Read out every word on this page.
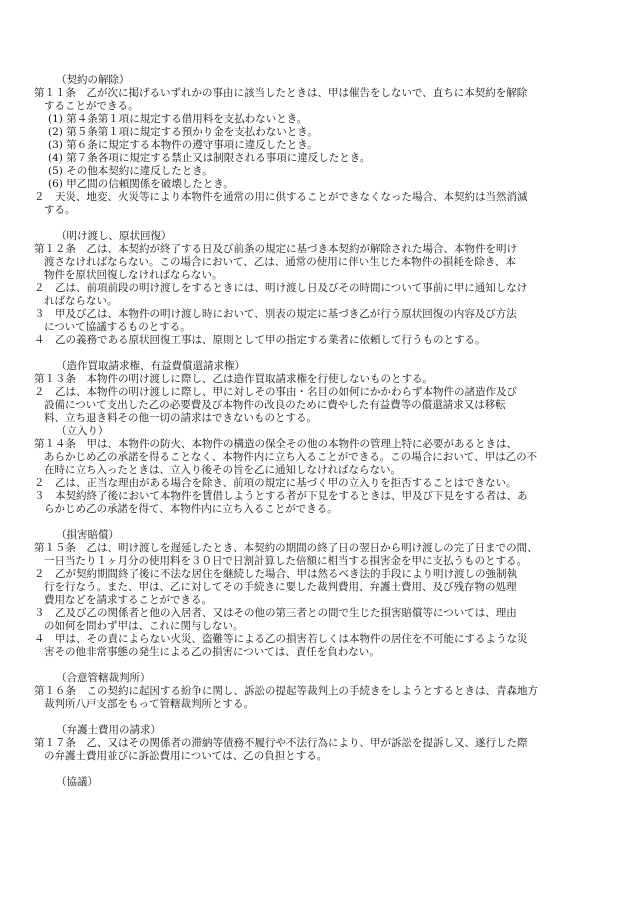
（契約の解除）
第１１条　乙が次に掲げるいずれかの事由に該当したときは、甲は催告をしないで、直ちに本契約を解除
することができる。
(1) 第４条第１項に規定する借用料を支払わないとき。
(2) 第５条第１項に規定する預かり金を支払わないとき。
(3) 第６条に規定する本物件の遵守事項に違反したとき。
(4) 第７条各項に規定する禁止又は制限される事項に違反したとき。
(5) その他本契約に違反したとき。
(6) 甲乙間の信頼関係を破壊したとき。
２　天災、地変、火災等により本物件を通常の用に供することができなくなった場合、本契約は当然消滅
する。
（明け渡し、原状回復）
第１２条　乙は、本契約が終了する日及び前条の規定に基づき本契約が解除された場合、本物件を明け
渡さなければならない。この場合において、乙は、通常の使用に伴い生じた本物件の損耗を除き、本
物件を原状回復しなければならない。
２　乙は、前項前段の明け渡しをするときには、明け渡し日及びその時間について事前に甲に通知しなけ
ればならない。
３　甲及び乙は、本物件の明け渡し時において、別表の規定に基づき乙が行う原状回復の内容及び方法
について協議するものとする。
４　乙の義務である原状回復工事は、原則として甲の指定する業者に依頼して行うものとする。
（造作買取請求権、有益費償還請求権）
第１３条　本物件の明け渡しに際し、乙は造作買取請求権を行使しないものとする。
２　乙は、本物件の明け渡しに際し、甲に対しその事由・名目の如何にかかわらず本物件の諸造作及び
設備について支出した乙の必要費及び本物件の改良のために費やした有益費等の償還請求又は移転
料、立ち退き料その他一切の請求はできないものとする。
（立入り）
第１４条　甲は、本物件の防火、本物件の構造の保全その他の本物件の管理上特に必要があるときは、
あらかじめ乙の承諾を得ることなく、本物件内に立ち入ることができる。この場合において、甲は乙の不
在時に立ち入ったときは、立入り後その旨を乙に通知しなければならない。
２　乙は、正当な理由がある場合を除き、前項の規定に基づく甲の立入りを拒否することはできない。
３　本契約終了後において本物件を賃借しようとする者が下見をするときは、甲及び下見をする者は、あ
らかじめ乙の承諾を得て、本物件内に立ち入ることができる。
（損害賠償）
第１５条　乙は、明け渡しを遅延したとき、本契約の期間の終了日の翌日から明け渡しの完了日までの間、
一日当たり１ヶ月分の使用料を３０日で日割計算した倍額に相当する損害金を甲に支払うものとする。
２　乙が契約期間終了後に不法な居住を継続した場合、甲は然るべき法的手段により明け渡しの強制執
行を行なう。また、甲は、乙に対してその手続きに要した裁判費用、弁護士費用、及び残存物の処理
費用などを請求することができる。
３　乙及び乙の関係者と他の入居者、又はその他の第三者との間で生じた損害賠償等については、理由
の如何を問わず甲は、これに関与しない。
４　甲は、その責によらない火災、盗難等による乙の損害若しくは本物件の居住を不可能にするような災
害その他非常事態の発生による乙の損害については、責任を負わない。
（合意管轄裁判所）
第１６条　この契約に起因する紛争に関し、訴訟の提起等裁判上の手続きをしようとするときは、青森地方
裁判所八戸支部をもって管轄裁判所とする。
（弁護士費用の請求）
第１７条　乙、又はその関係者の滞納等債務不履行や不法行為により、甲が訴訟を提訴し又、遂行した際
の弁護士費用並びに訴訟費用については、乙の負担とする。
（協議）
